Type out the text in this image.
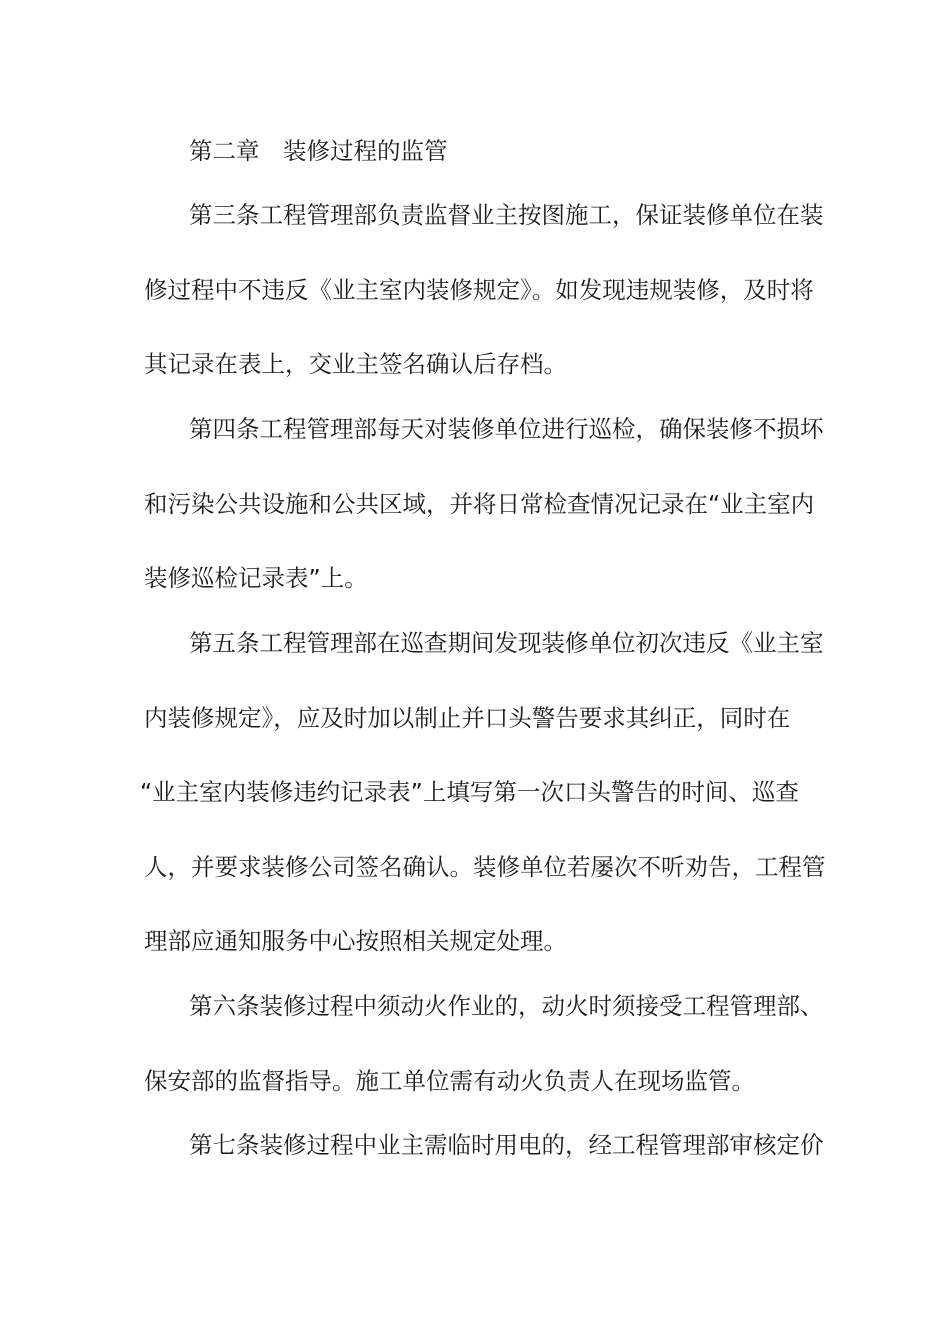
第二章　装修过程的监管
第三条工程管理部负责监督业主按图施工，保证装修单位在装
修过程中不违反《业主室内装修规定》。如发现违规装修，及时将
其记录在表上，交业主签名确认后存档。
第四条工程管理部每天对装修单位进行巡检，确保装修不损坏
和污染公共设施和公共区域，并将日常检查情况记录在“业主室内
装修巡检记录表”上。
第五条工程管理部在巡查期间发现装修单位初次违反《业主室
内装修规定》，应及时加以制止并口头警告要求其纠正，同时在
“业主室内装修违约记录表”上填写第一次口头警告的时间、巡查
人，并要求装修公司签名确认。装修单位若屡次不听劝告，工程管
理部应通知服务中心按照相关规定处理。
第六条装修过程中须动火作业的，动火时须接受工程管理部、
保安部的监督指导。施工单位需有动火负责人在现场监管。
第七条装修过程中业主需临时用电的，经工程管理部审核定价
